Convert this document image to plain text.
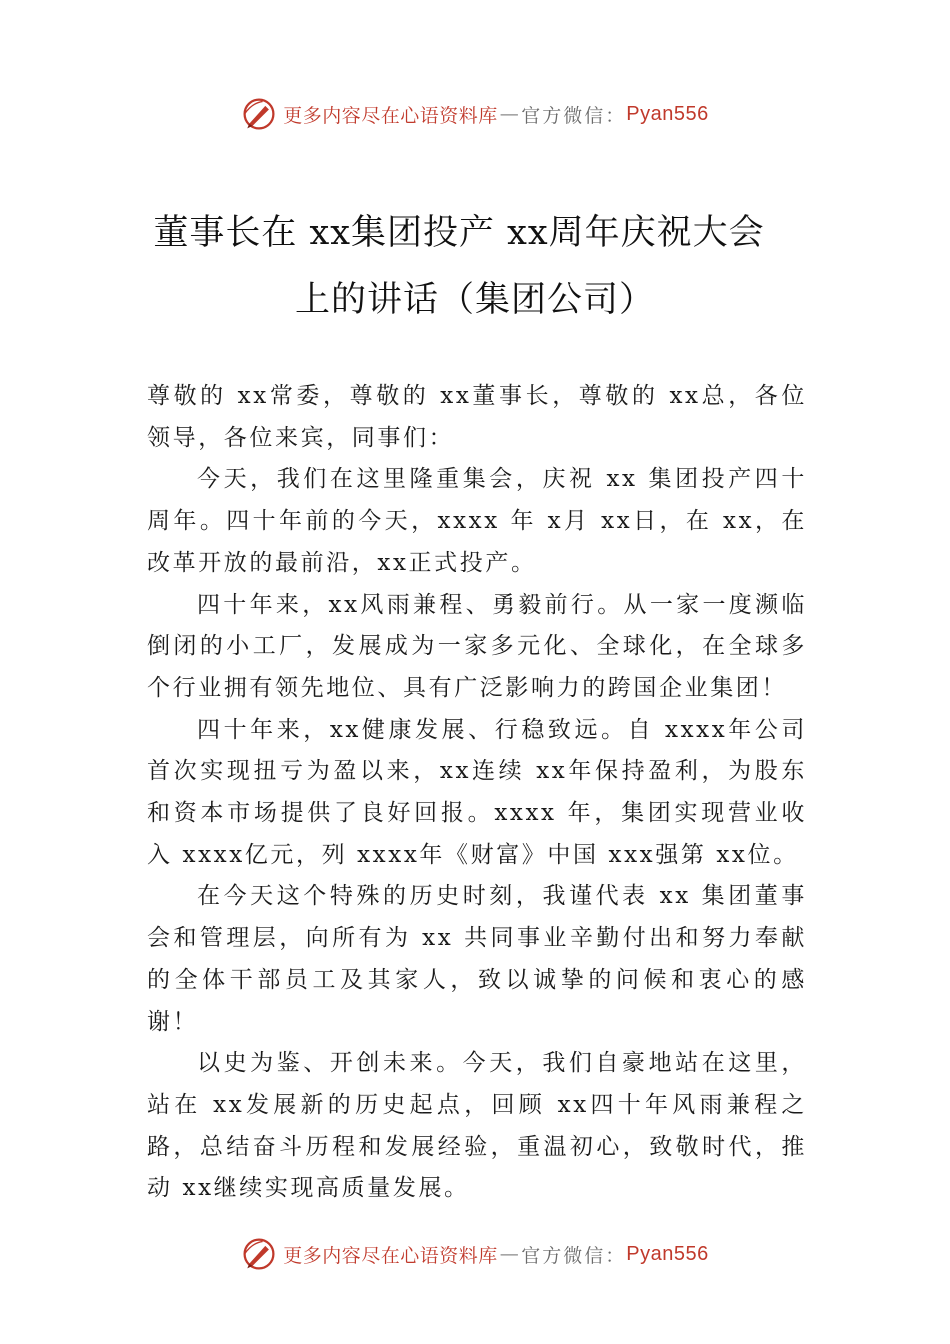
更多内容尽在心语资料库 — 官方微信： Pyan556
董事长在 xx集团投产 xx周年庆祝大会
上的讲话（集团公司）

尊敬的 xx常委，尊敬的 xx董事长，尊敬的 xx总，各位领导，各位来宾，同事们：

今天，我们在这里隆重集会，庆祝 xx 集团投产四十周年。四十年前的今天，xxxx 年 x月 xx日，在 xx，在改革开放的最前沿，xx正式投产。

四十年来，xx风雨兼程、勇毅前行。从一家一度濒临倒闭的小工厂，发展成为一家多元化、全球化，在全球多个行业拥有领先地位、具有广泛影响力的跨国企业集团！

四十年来，xx健康发展、行稳致远。自 xxxx年公司首次实现扭亏为盈以来，xx连续 xx年保持盈利，为股东和资本市场提供了良好回报。xxxx 年，集团实现营业收入 xxxx亿元，列 xxxx年《财富》中国 xxx强第 xx位。

在今天这个特殊的历史时刻，我谨代表 xx 集团董事会和管理层，向所有为 xx 共同事业辛勤付出和努力奉献的全体干部员工及其家人，致以诚挚的问候和衷心的感谢！

以史为鉴、开创未来。今天，我们自豪地站在这里，站在 xx发展新的历史起点，回顾 xx四十年风雨兼程之路，总结奋斗历程和发展经验，重温初心，致敬时代，推动 xx继续实现高质量发展。

更多内容尽在心语资料库 — 官方微信： Pyan556
